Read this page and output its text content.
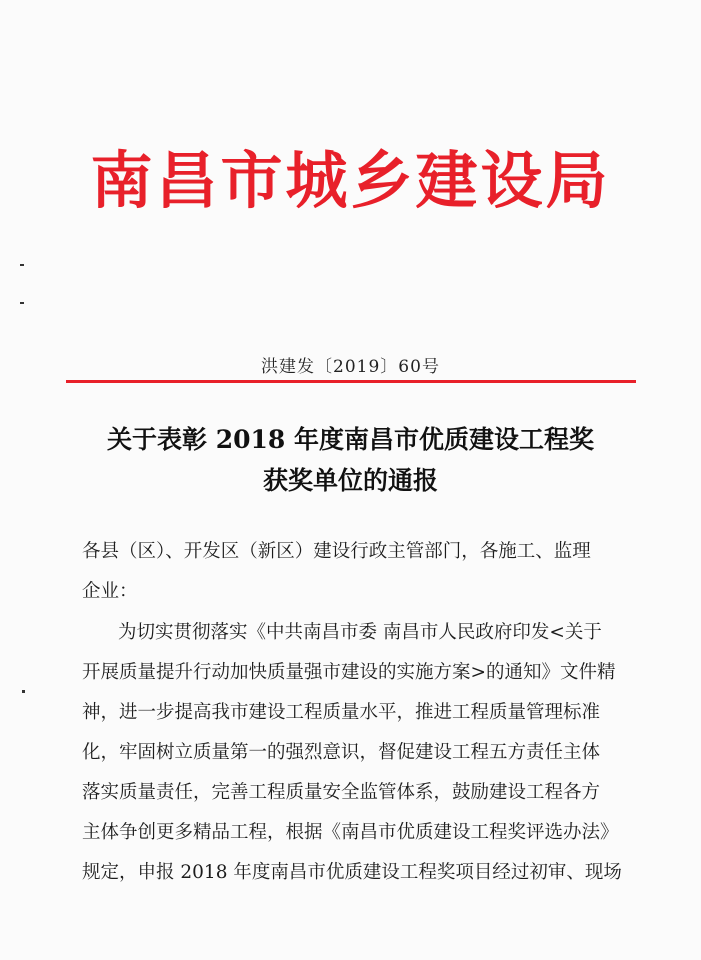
南昌市城乡建设局
洪建发〔2019〕60号
关于表彰 2018 年度南昌市优质建设工程奖
获奖单位的通报
各县（区）、开发区（新区）建设行政主管部门，各施工、监理
企业：
为切实贯彻落实《中共南昌市委 南昌市人民政府印发<关于
开展质量提升行动加快质量强市建设的实施方案>的通知》文件精
神，进一步提高我市建设工程质量水平，推进工程质量管理标准
化，牢固树立质量第一的强烈意识，督促建设工程五方责任主体
落实质量责任，完善工程质量安全监管体系，鼓励建设工程各方
主体争创更多精品工程，根据《南昌市优质建设工程奖评选办法》
规定，申报 2018 年度南昌市优质建设工程奖项目经过初审、现场
